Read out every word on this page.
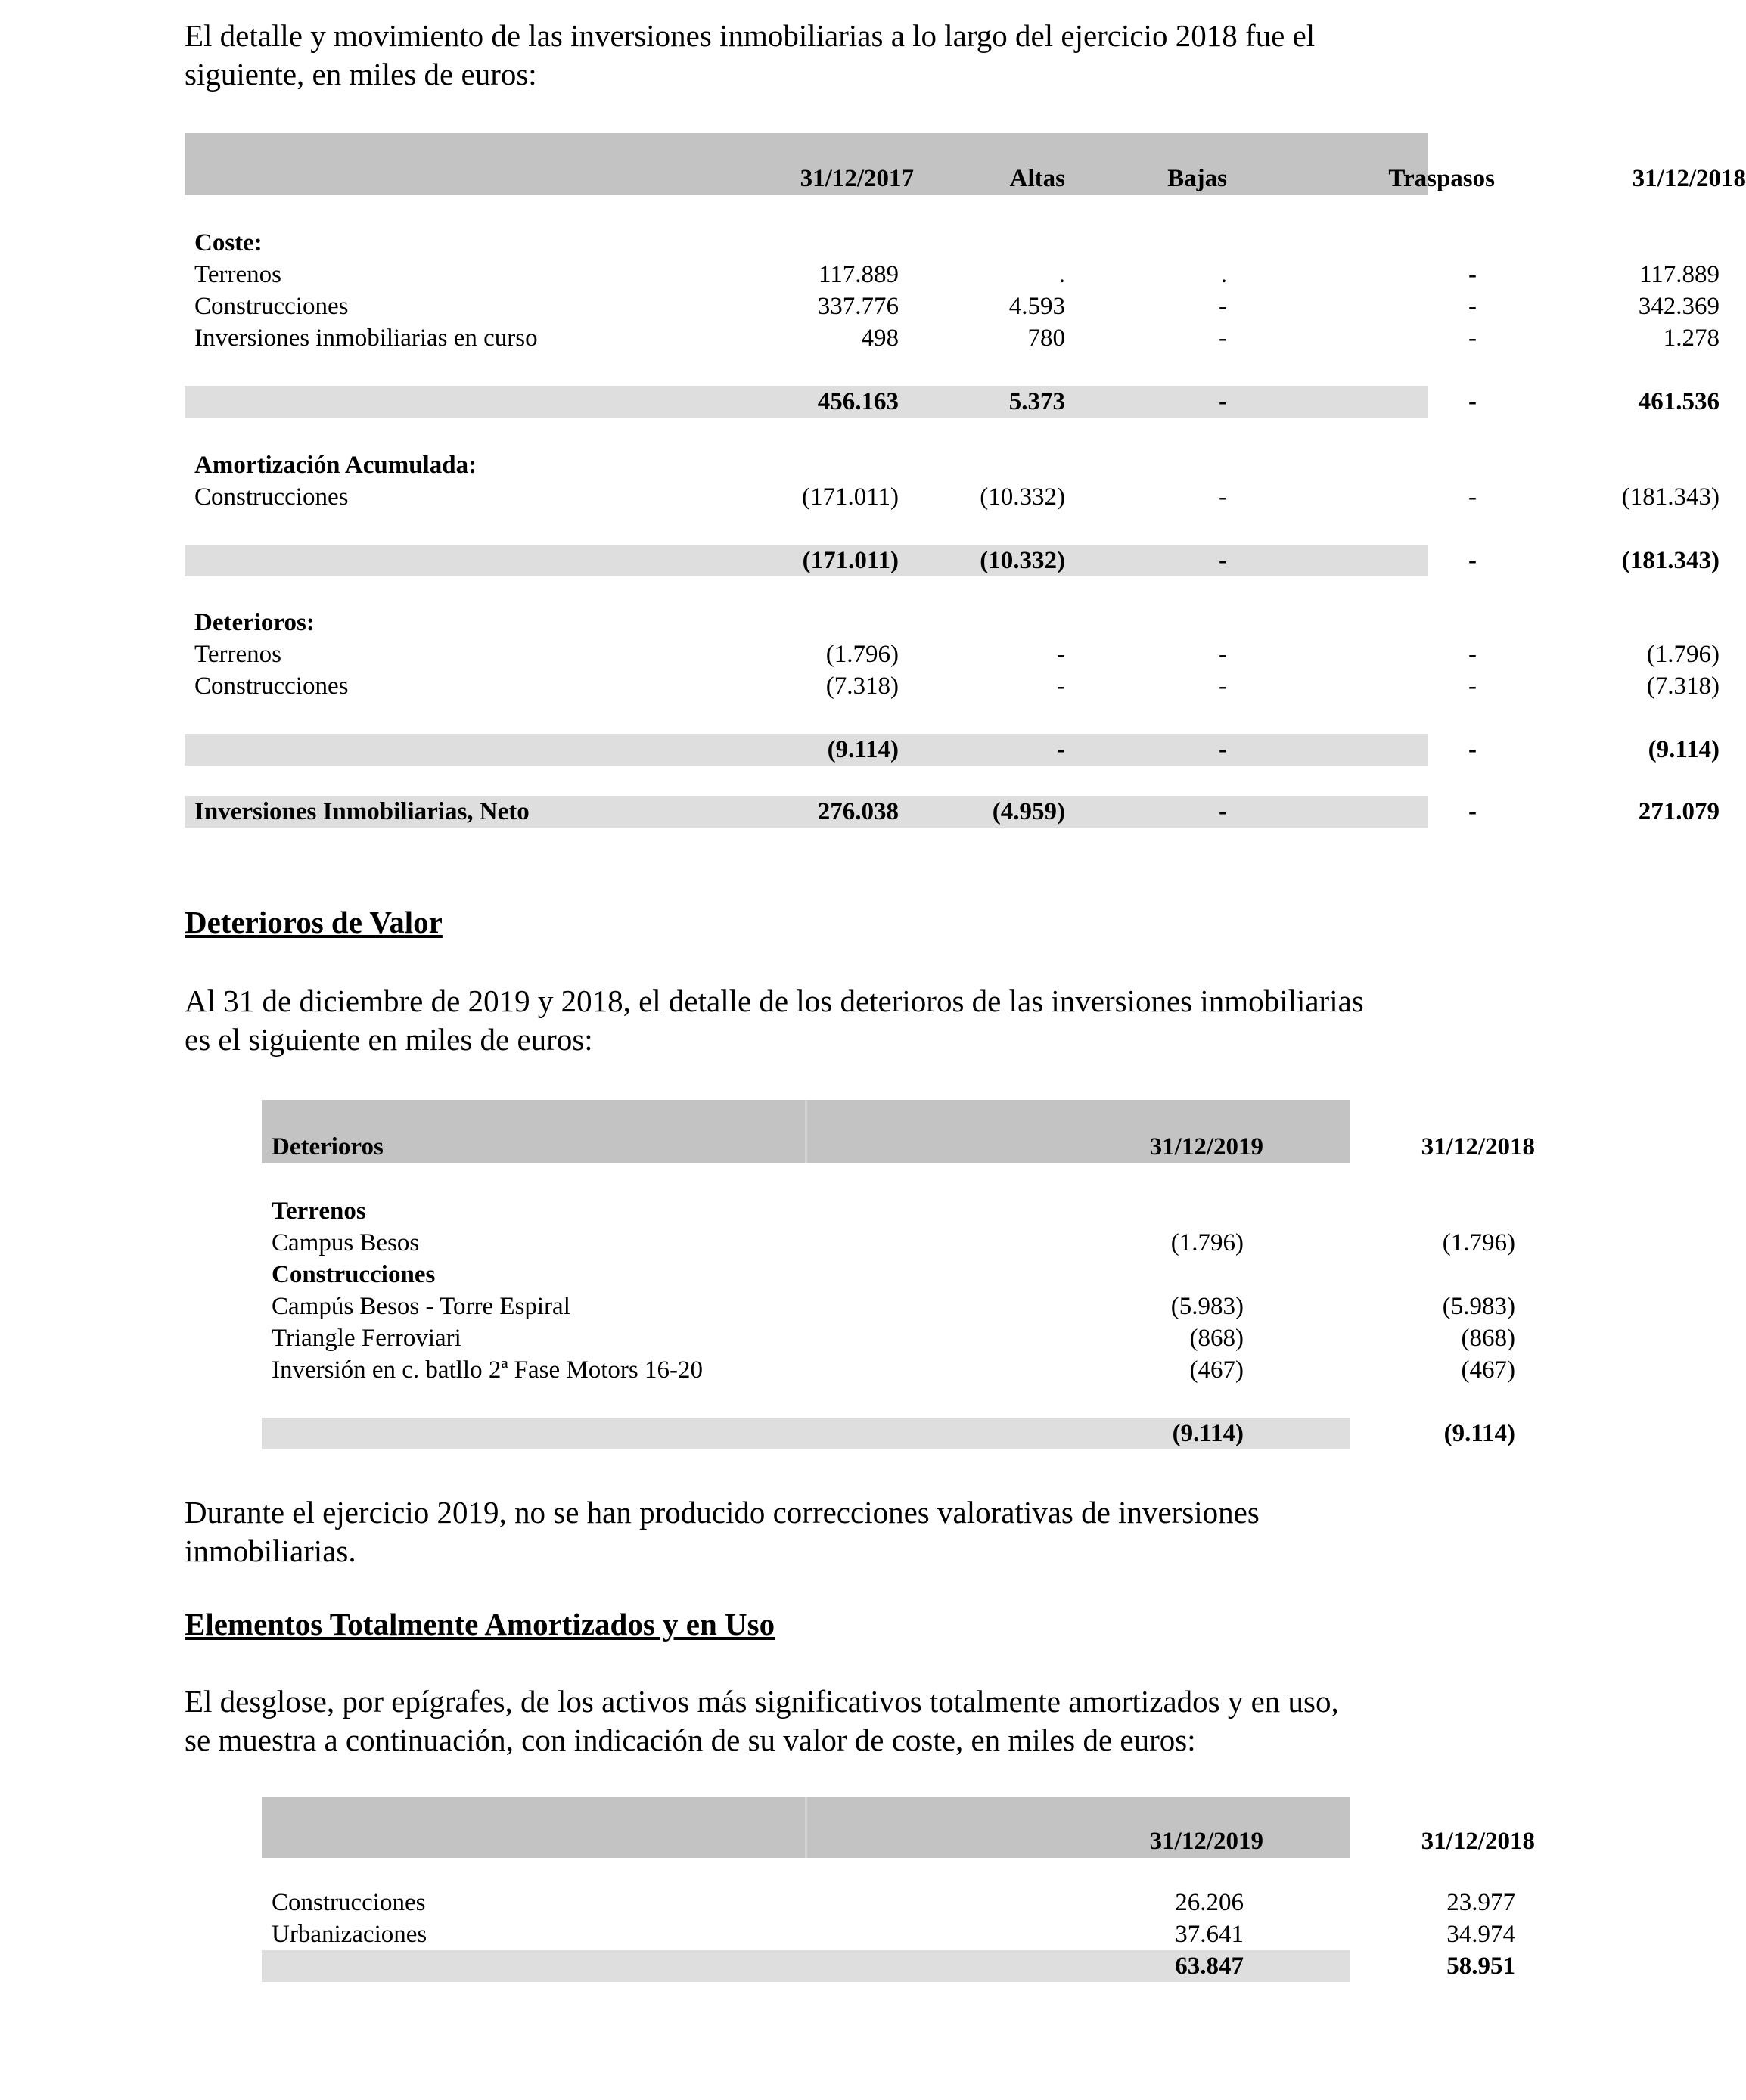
El detalle y movimiento de las inversiones inmobiliarias a lo largo del ejercicio 2018 fue el
siguiente, en miles de euros:

31/12/2017	Altas	Bajas	Traspasos	31/12/2018
Coste:
Terrenos	117.889	.	.	-	117.889
Construcciones	337.776	4.593	-	-	342.369
Inversiones inmobiliarias en curso	498	780	-	-	1.278
456.163	5.373	-	-	461.536
Amortización Acumulada:
Construcciones	(171.011)	(10.332)	-	-	(181.343)
(171.011)	(10.332)	-	-	(181.343)
Deterioros:
Terrenos	(1.796)	-	-	-	(1.796)
Construcciones	(7.318)	-	-	-	(7.318)
(9.114)	-	-	-	(9.114)
Inversiones Inmobiliarias, Neto	276.038	(4.959)	-	-	271.079
Deterioros de Valor

Al 31 de diciembre de 2019 y 2018, el detalle de los deterioros de las inversiones inmobiliarias
es el siguiente en miles de euros:

Deterioros	31/12/2019	31/12/2018
Terrenos
Campus Besos	(1.796)	(1.796)
Construcciones
Campús Besos - Torre Espiral	(5.983)	(5.983)
Triangle Ferroviari	(868)	(868)
Inversión en c. batllo 2ª Fase Motors 16-20	(467)	(467)
(9.114)	(9.114)

Durante el ejercicio 2019, no se han producido correcciones valorativas de inversiones
inmobiliarias.

Elementos Totalmente Amortizados y en Uso

El desglose, por epígrafes, de los activos más significativos totalmente amortizados y en uso,
se muestra a continuación, con indicación de su valor de coste, en miles de euros:

31/12/2019	31/12/2018
Construcciones	26.206	23.977
Urbanizaciones	37.641	34.974
63.847	58.951
